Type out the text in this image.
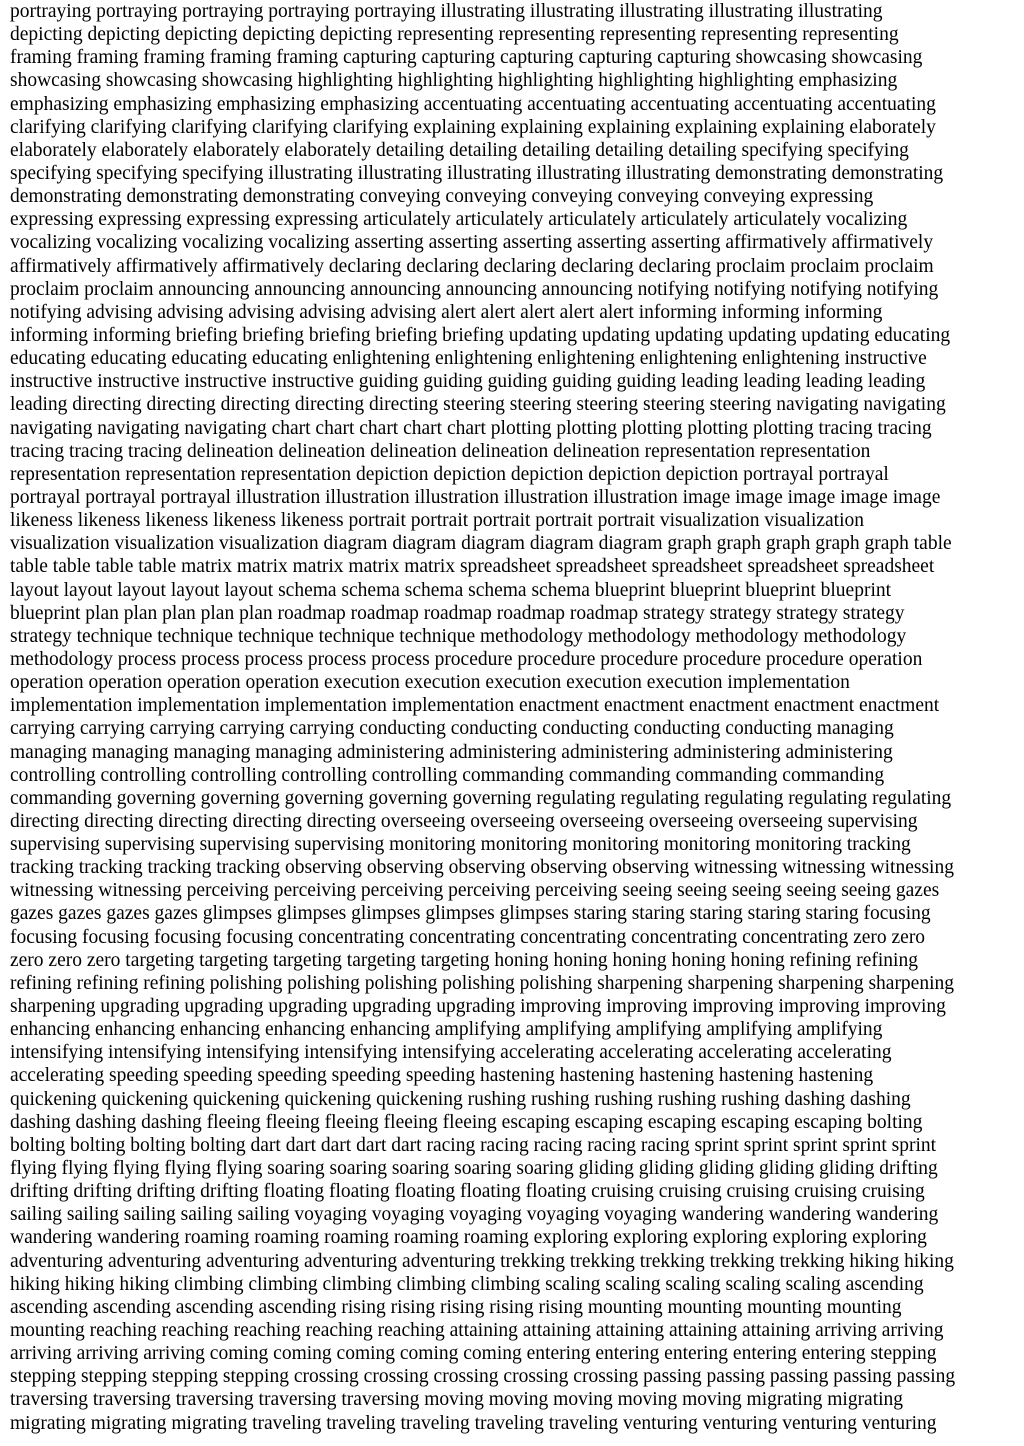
portraying portraying portraying portraying portraying illustrating illustrating illustrating illustrating illustrating
depicting depicting depicting depicting depicting representing representing representing representing representing
framing framing framing framing framing capturing capturing capturing capturing capturing showcasing showcasing
showcasing showcasing showcasing highlighting highlighting highlighting highlighting highlighting emphasizing
emphasizing emphasizing emphasizing emphasizing accentuating accentuating accentuating accentuating accentuating
clarifying clarifying clarifying clarifying clarifying explaining explaining explaining explaining explaining elaborately
elaborately elaborately elaborately elaborately detailing detailing detailing detailing detailing specifying specifying
specifying specifying specifying illustrating illustrating illustrating illustrating illustrating demonstrating demonstrating
demonstrating demonstrating demonstrating conveying conveying conveying conveying conveying expressing
expressing expressing expressing expressing articulately articulately articulately articulately articulately vocalizing
vocalizing vocalizing vocalizing vocalizing asserting asserting asserting asserting asserting affirmatively affirmatively
affirmatively affirmatively affirmatively declaring declaring declaring declaring declaring proclaim proclaim proclaim
proclaim proclaim announcing announcing announcing announcing announcing notifying notifying notifying notifying
notifying advising advising advising advising advising alert alert alert alert alert informing informing informing
informing informing briefing briefing briefing briefing briefing updating updating updating updating updating educating
educating educating educating educating enlightening enlightening enlightening enlightening enlightening instructive
instructive instructive instructive instructive guiding guiding guiding guiding guiding leading leading leading leading
leading directing directing directing directing directing steering steering steering steering steering navigating navigating
navigating navigating navigating chart chart chart chart chart plotting plotting plotting plotting plotting tracing tracing
tracing tracing tracing delineation delineation delineation delineation delineation representation representation
representation representation representation depiction depiction depiction depiction depiction portrayal portrayal
portrayal portrayal portrayal illustration illustration illustration illustration illustration image image image image image
likeness likeness likeness likeness likeness portrait portrait portrait portrait portrait visualization visualization
visualization visualization visualization diagram diagram diagram diagram diagram graph graph graph graph graph table
table table table table matrix matrix matrix matrix matrix spreadsheet spreadsheet spreadsheet spreadsheet spreadsheet
layout layout layout layout layout schema schema schema schema schema blueprint blueprint blueprint blueprint
blueprint plan plan plan plan plan roadmap roadmap roadmap roadmap roadmap strategy strategy strategy strategy
strategy technique technique technique technique technique methodology methodology methodology methodology
methodology process process process process process procedure procedure procedure procedure procedure operation
operation operation operation operation execution execution execution execution execution implementation
implementation implementation implementation implementation enactment enactment enactment enactment enactment
carrying carrying carrying carrying carrying conducting conducting conducting conducting conducting managing
managing managing managing managing administering administering administering administering administering
controlling controlling controlling controlling controlling commanding commanding commanding commanding
commanding governing governing governing governing governing regulating regulating regulating regulating regulating
directing directing directing directing directing overseeing overseeing overseeing overseeing overseeing supervising
supervising supervising supervising supervising monitoring monitoring monitoring monitoring monitoring tracking
tracking tracking tracking tracking observing observing observing observing observing witnessing witnessing witnessing
witnessing witnessing perceiving perceiving perceiving perceiving perceiving seeing seeing seeing seeing seeing gazes
gazes gazes gazes gazes glimpses glimpses glimpses glimpses glimpses staring staring staring staring staring focusing
focusing focusing focusing focusing concentrating concentrating concentrating concentrating concentrating zero zero
zero zero zero targeting targeting targeting targeting targeting honing honing honing honing honing refining refining
refining refining refining polishing polishing polishing polishing polishing sharpening sharpening sharpening sharpening
sharpening upgrading upgrading upgrading upgrading upgrading improving improving improving improving improving
enhancing enhancing enhancing enhancing enhancing amplifying amplifying amplifying amplifying amplifying
intensifying intensifying intensifying intensifying intensifying accelerating accelerating accelerating accelerating
accelerating speeding speeding speeding speeding speeding hastening hastening hastening hastening hastening
quickening quickening quickening quickening quickening rushing rushing rushing rushing rushing dashing dashing
dashing dashing dashing fleeing fleeing fleeing fleeing fleeing escaping escaping escaping escaping escaping bolting
bolting bolting bolting bolting dart dart dart dart dart racing racing racing racing racing sprint sprint sprint sprint sprint
flying flying flying flying flying soaring soaring soaring soaring soaring gliding gliding gliding gliding gliding drifting
drifting drifting drifting drifting floating floating floating floating floating cruising cruising cruising cruising cruising
sailing sailing sailing sailing sailing voyaging voyaging voyaging voyaging voyaging wandering wandering wandering
wandering wandering roaming roaming roaming roaming roaming exploring exploring exploring exploring exploring
adventuring adventuring adventuring adventuring adventuring trekking trekking trekking trekking trekking hiking hiking
hiking hiking hiking climbing climbing climbing climbing climbing scaling scaling scaling scaling scaling ascending
ascending ascending ascending ascending rising rising rising rising rising mounting mounting mounting mounting
mounting reaching reaching reaching reaching reaching attaining attaining attaining attaining attaining arriving arriving
arriving arriving arriving coming coming coming coming coming entering entering entering entering entering stepping
stepping stepping stepping stepping crossing crossing crossing crossing crossing passing passing passing passing passing
traversing traversing traversing traversing traversing moving moving moving moving moving migrating migrating
migrating migrating migrating traveling traveling traveling traveling traveling venturing venturing venturing venturing
